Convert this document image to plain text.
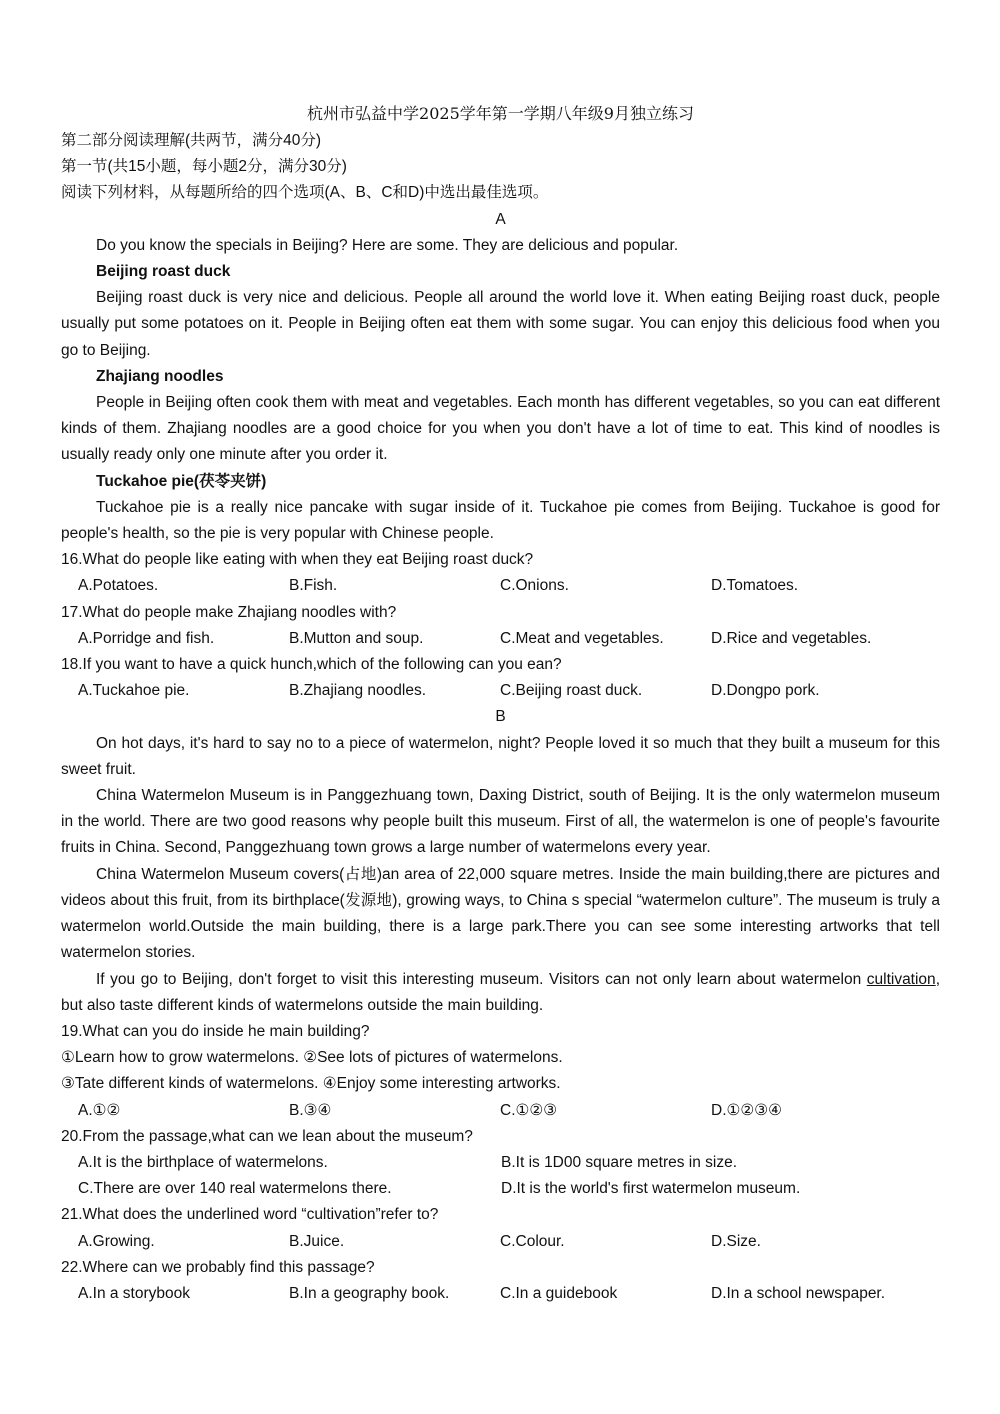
杭州市弘益中学2025学年第一学期八年级9月独立练习
第二部分阅读理解(共两节，满分40分)
第一节(共15小题，每小题2分，满分30分)
阅读下列材料，从每题所给的四个选项(A、B、C和D)中选出最佳选项。
A
Do you know the specials in Beijing? Here are some. They are delicious and popular.
Beijing roast duck
Beijing roast duck is very nice and delicious. People all around the world love it. When eating Beijing roast duck, people usually put some potatoes on it. People in Beijing often eat them with some sugar. You can enjoy this delicious food when you go to Beijing.
Zhajiang noodles
People in Beijing often cook them with meat and vegetables. Each month has different vegetables, so you can eat different kinds of them. Zhajiang noodles are a good choice for you when you don't have a lot of time to eat. This kind of noodles is usually ready only one minute after you order it.
Tuckahoe pie(茯苓夹饼)
Tuckahoe pie is a really nice pancake with sugar inside of it. Tuckahoe pie comes from Beijing. Tuckahoe is good for people's health, so the pie is very popular with Chinese people.
16.What do people like eating with when they eat Beijing roast duck?
A.Potatoes.	B.Fish.	C.Onions.	D.Tomatoes.
17.What do people make Zhajiang noodles with?
A.Porridge and fish.	B.Mutton and soup.	C.Meat and vegetables.	D.Rice and vegetables.
18.If you want to have a quick hunch,which of the following can you ean?
A.Tuckahoe pie.	B.Zhajiang noodles.	C.Beijing roast duck.	D.Dongpo pork.
B
On hot days, it's hard to say no to a piece of watermelon, night? People loved it so much that they built a museum for this sweet fruit.
China Watermelon Museum is in Panggezhuang town, Daxing District, south of Beijing. It is the only watermelon museum in the world. There are two good reasons why people built this museum. First of all, the watermelon is one of people's favourite fruits in China. Second, Panggezhuang town grows a large number of watermelons every year.
China Watermelon Museum covers(占地)an area of 22,000 square metres. Inside the main building,there are pictures and videos about this fruit, from its birthplace(发源地), growing ways, to China s special “watermelon culture”. The museum is truly a watermelon world.Outside the main building, there is a large park.There you can see some interesting artworks that tell watermelon stories.
If you go to Beijing, don't forget to visit this interesting museum. Visitors can not only learn about watermelon cultivation, but also taste different kinds of watermelons outside the main building.
19.What can you do inside he main building?
①Learn how to grow watermelons. ②See lots of pictures of watermelons.
③Tate different kinds of watermelons. ④Enjoy some interesting artworks.
A.①②	B.③④	C.①②③	D.①②③④
20.From the passage,what can we lean about the museum?
A.It is the birthplace of watermelons.	B.It is 1D00 square metres in size.
C.There are over 140 real watermelons there.	D.It is the world's first watermelon museum.
21.What does the underlined word “cultivation”refer to?
A.Growing.	B.Juice.	C.Colour.	D.Size.
22.Where can we probably find this passage?
A.In a storybook	B.In a geography book.	C.In a guidebook	D.In a school newspaper.
